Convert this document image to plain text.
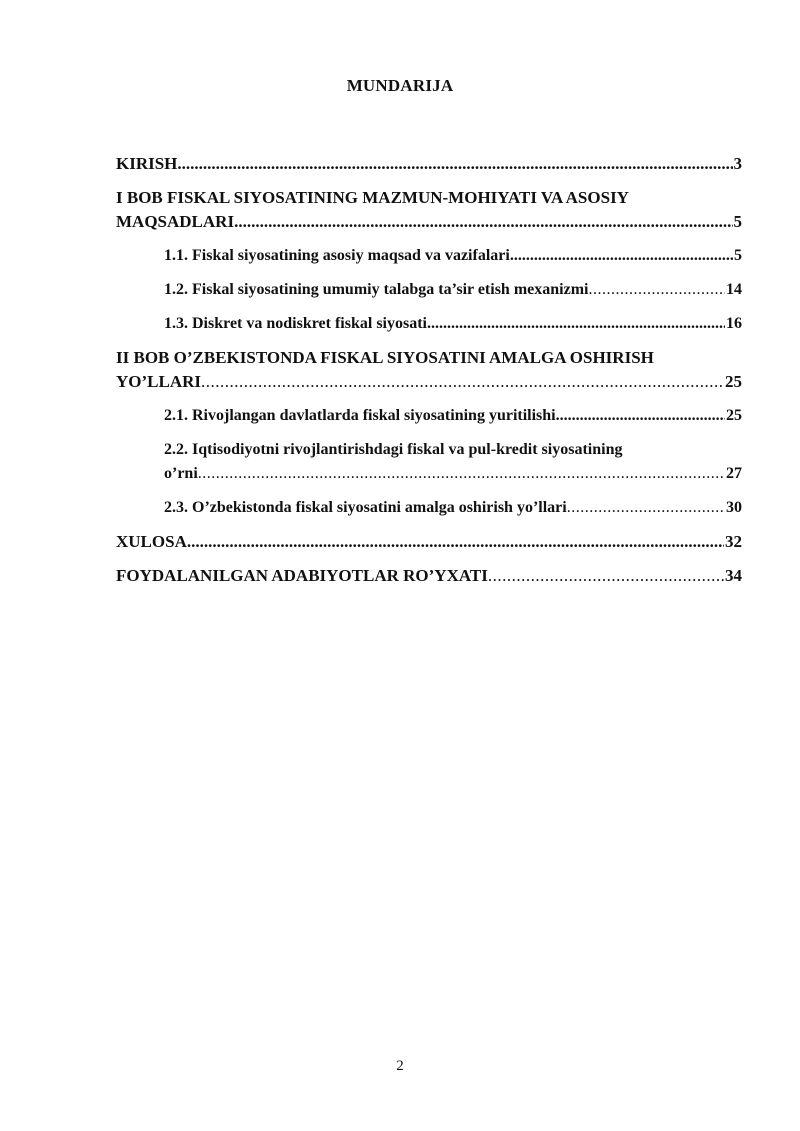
MUNDARIJA
KIRISH .....	3
I BOB FISKAL SIYOSATINING MAZMUN-MOHIYATI VA ASOSIY
MAQSADLARI .....	5
1.1. Fiskal siyosatining asosiy maqsad va vazifalari .....	5
1.2. Fiskal siyosatining umumiy talabga ta’sir etish mexanizmi .....	14
1.3. Diskret va nodiskret fiskal siyosati .....	16
II BOB O’ZBEKISTONDA FISKAL SIYOSATINI AMALGA OSHIRISH
YO’LLARI .....	25
2.1. Rivojlangan davlatlarda fiskal siyosatining yuritilishi .....	25
2.2. Iqtisodiyotni rivojlantirishdagi fiskal va pul-kredit siyosatining
o’rni .....	27
2.3. O’zbekistonda fiskal siyosatini amalga oshirish yo’llari .....	30
XULOSA .....	32
FOYDALANILGAN ADABIYOTLAR RO’YXATI .....	34
2
